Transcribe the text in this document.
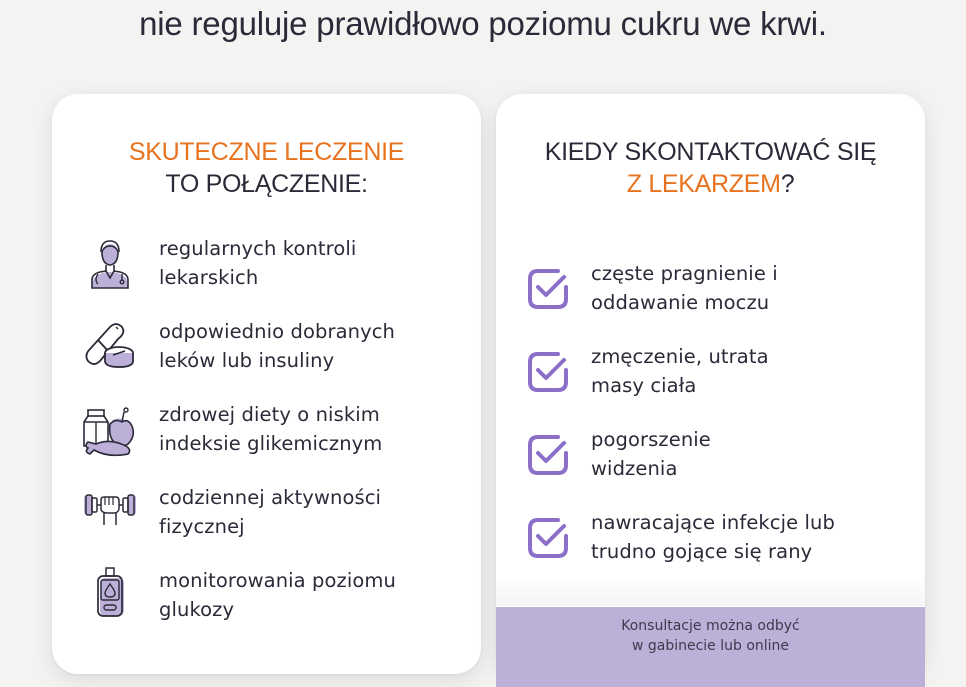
nie reguluje prawidłowo poziomu cukru we krwi.
SKUTECZNE LECZENIE
TO POŁĄCZENIE:
regularnych kontroli
lekarskich
odpowiednio dobranych
leków lub insuliny
zdrowej diety o niskim
indeksie glikemicznym
codziennej aktywności
fizycznej
monitorowania poziomu
glukozy
KIEDY SKONTAKTOWAĆ SIĘ
Z LEKARZEM?
częste pragnienie i
oddawanie moczu
zmęczenie, utrata
masy ciała
pogorszenie
widzenia
nawracające infekcje lub
trudno gojące się rany
Konsultacje można odbyć
w gabinecie lub online
